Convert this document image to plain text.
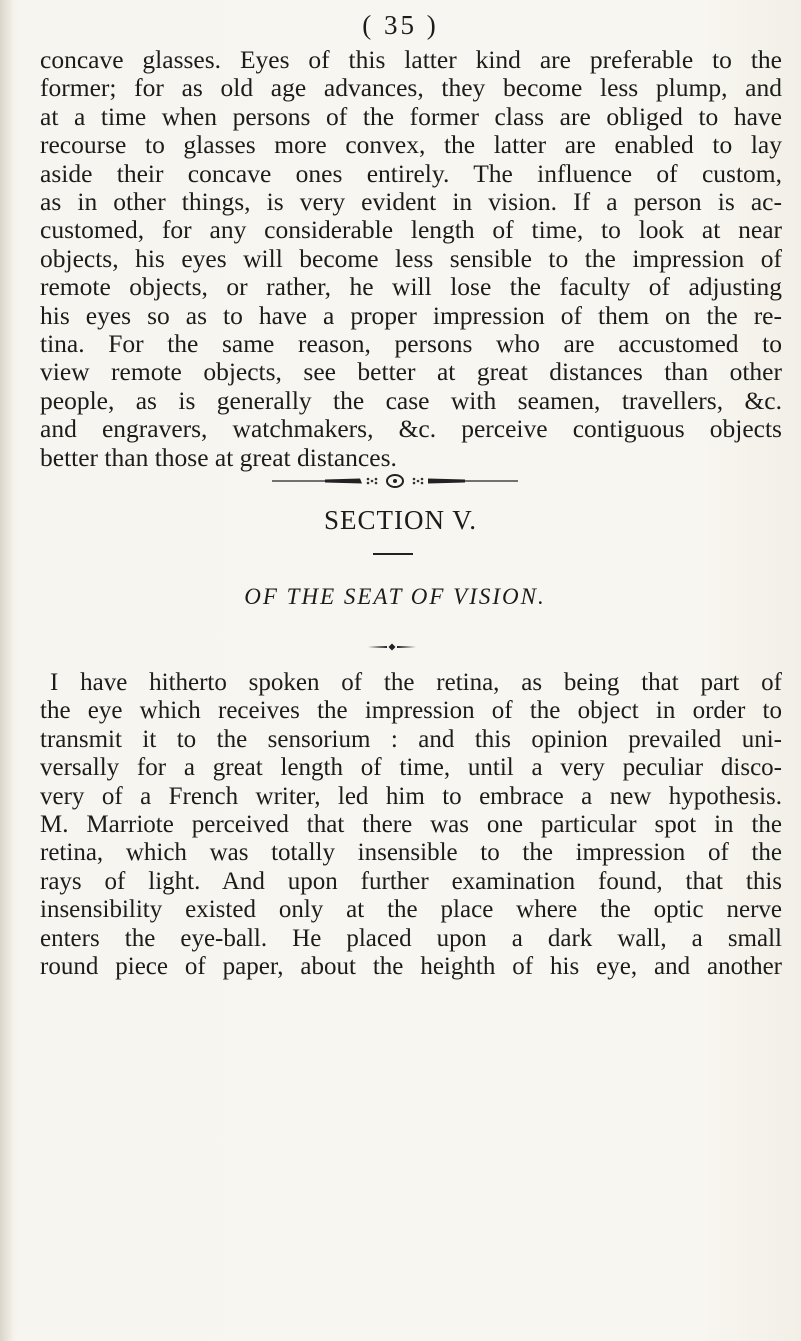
( 35 )
concave glasses. Eyes of this latter kind are preferable to the
former; for as old age advances, they become less plump, and
at a time when persons of the former class are obliged to have
recourse to glasses more convex, the latter are enabled to lay
aside their concave ones entirely. The influence of custom,
as in other things, is very evident in vision. If a person is ac-
customed, for any considerable length of time, to look at near
objects, his eyes will become less sensible to the impression of
remote objects, or rather, he will lose the faculty of adjusting
his eyes so as to have a proper impression of them on the re-
tina. For the same reason, persons who are accustomed to
view remote objects, see better at great distances than other
people, as is generally the case with seamen, travellers, &c.
and engravers, watchmakers, &c. perceive contiguous objects
better than those at great distances.
SECTION V.
OF THE SEAT OF VISION.
I have hitherto spoken of the retina, as being that part of
the eye which receives the impression of the object in order to
transmit it to the sensorium : and this opinion prevailed uni-
versally for a great length of time, until a very peculiar disco-
very of a French writer, led him to embrace a new hypothesis.
M. Marriote perceived that there was one particular spot in the
retina, which was totally insensible to the impression of the
rays of light. And upon further examination found, that this
insensibility existed only at the place where the optic nerve
enters the eye-ball. He placed upon a dark wall, a small
round piece of paper, about the heighth of his eye, and another
